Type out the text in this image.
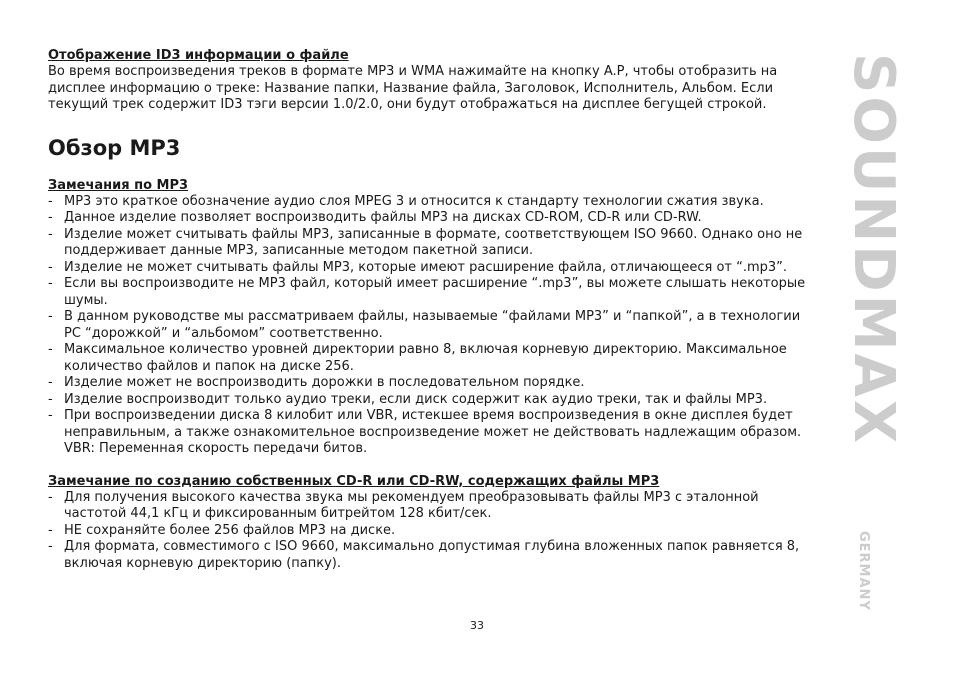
Отображение ID3 информации о файле

Во время воспроизведения треков в формате MP3 и WMA нажимайте на кнопку A.P, чтобы отобразить на дисплее информацию о треке: Название папки, Название файла, Заголовок, Исполнитель, Альбом. Если текущий трек содержит ID3 тэги версии 1.0/2.0, они будут отображаться на дисплее бегущей строкой.

Обзор MP3

Замечания по MP3

- MP3 это краткое обозначение аудио слоя MPEG 3 и относится к стандарту технологии сжатия звука.
- Данное изделие позволяет воспроизводить файлы MP3 на дисках CD-ROM, CD-R или CD-RW.
- Изделие может считывать файлы MP3, записанные в формате, соответствующем ISO 9660. Однако оно не поддерживает данные MP3, записанные методом пакетной записи.
- Изделие не может считывать файлы MP3, которые имеют расширение файла, отличающееся от “.mp3”.
- Если вы воспроизводите не MP3 файл, который имеет расширение “.mp3”, вы можете слышать некоторые шумы.
- В данном руководстве мы рассматриваем файлы, называемые “файлами MP3” и “папкой”, а в технологии PC “дорожкой” и “альбомом” соответственно.
- Максимальное количество уровней директории равно 8, включая корневую директорию. Максимальное количество файлов и папок на диске 256.
- Изделие может не воспроизводить дорожки в последовательном порядке.
- Изделие воспроизводит только аудио треки, если диск содержит как аудио треки, так и файлы MP3.
- При воспроизведении диска 8 килобит или VBR, истекшее время воспроизведения в окне дисплея будет неправильным, а также ознакомительное воспроизведение может не действовать надлежащим образом. VBR: Переменная скорость передачи битов.

Замечание по созданию собственных CD-R или CD-RW, содержащих файлы MP3

- Для получения высокого качества звука мы рекомендуем преобразовывать файлы MP3 с эталонной частотой 44,1 кГц и фиксированным битрейтом 128 кбит/сек.
- НЕ сохраняйте более 256 файлов MP3 на диске.
- Для формата, совместимого с ISO 9660, максимально допустимая глубина вложенных папок равняется 8, включая корневую директорию (папку).
33
SOUNDMAX
GERMANY
